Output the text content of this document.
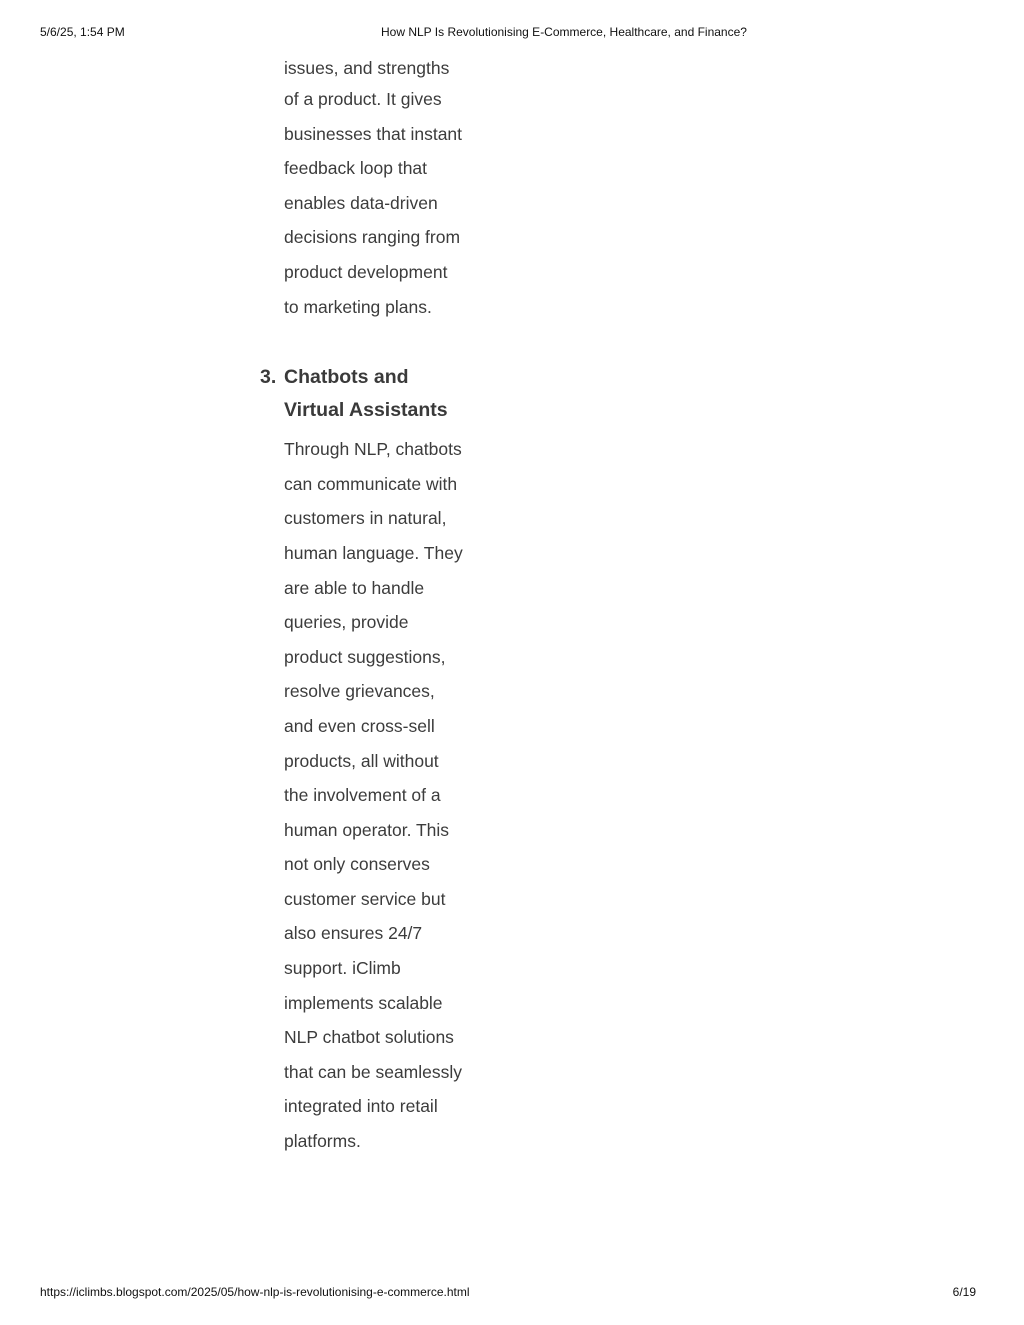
5/6/25, 1:54 PM	How NLP Is Revolutionising E-Commerce, Healthcare, and Finance?
issues, and strengths
of a product. It gives
businesses that instant
feedback loop that
enables data-driven
decisions ranging from
product development
to marketing plans.
3. Chatbots and
Virtual Assistants
Through NLP, chatbots
can communicate with
customers in natural,
human language. They
are able to handle
queries, provide
product suggestions,
resolve grievances,
and even cross-sell
products, all without
the involvement of a
human operator. This
not only conserves
customer service but
also ensures 24/7
support. iClimb
implements scalable
NLP chatbot solutions
that can be seamlessly
integrated into retail
platforms.
https://iclimbs.blogspot.com/2025/05/how-nlp-is-revolutionising-e-commerce.html	6/19
